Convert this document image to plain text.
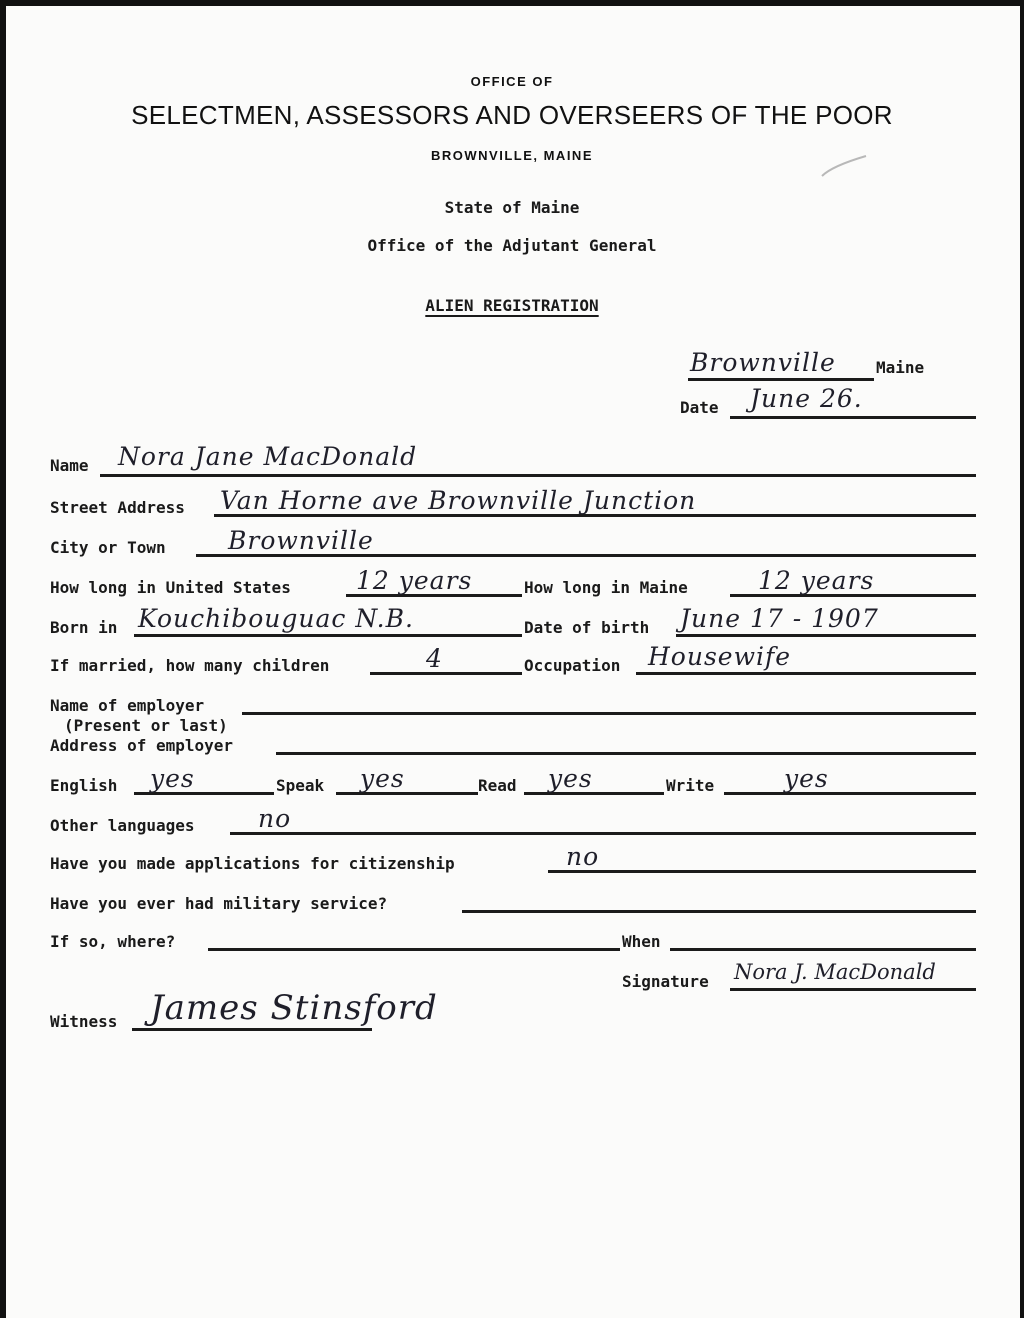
OFFICE OF
SELECTMEN, ASSESSORS AND OVERSEERS OF THE POOR
BROWNVILLE, MAINE
State of Maine
Office of the Adjutant General
ALIEN REGISTRATION
Brownville	Maine
Date June 26.
Name Nora Jane MacDonald
Street Address Van Horne ave Brownville Junction
City or Town Brownville
How long in United States	12 years	How long in Maine	12 years
Born in Kouchibouguac N.B.	Date of birth June 17 - 1907
If married, how many children	4	Occupation Housewife
Name of employer
(Present or last)
Address of employer
English yes	Speak yes	Read yes	Write	yes
Other languages	no
Have you made applications for citizenship	no
Have you ever had military service?
If so, where?	When
Signature Nora J. MacDonald
Witness James Stinsford
